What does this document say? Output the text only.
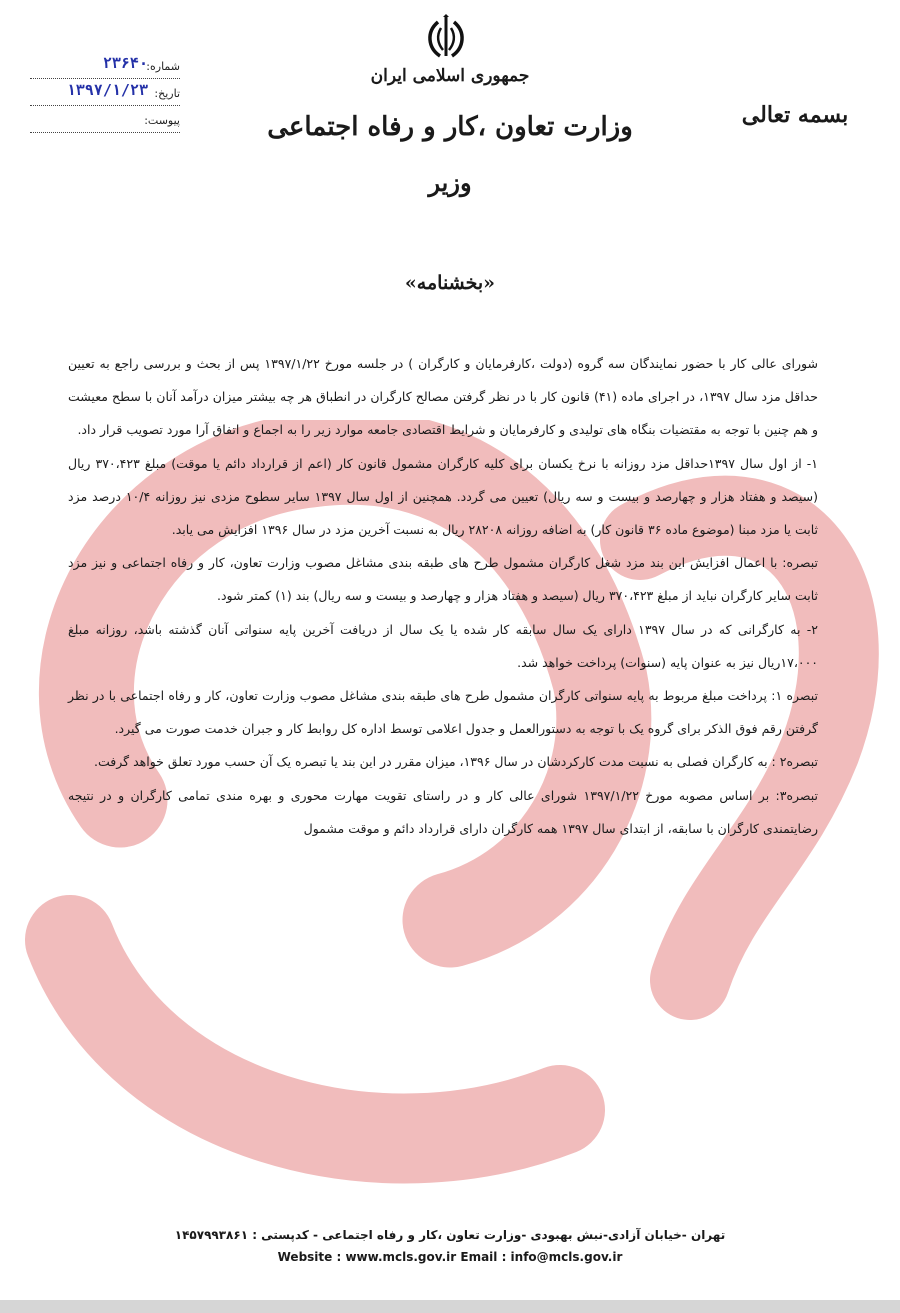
جمهوری اسلامی ایران
وزارت تعاون ،کار و رفاه اجتماعی
وزیر
بسمه تعالی
شماره:
۲۳۶۴۰
تاریخ:
۱۳۹۷/۱/۲۳
پیوست:
«بخشنامه»

شورای عالی کار با حضور نمایندگان سه گروه (دولت ،کارفرمایان و کارگران ) در جلسه مورخ ۱۳۹۷/۱/۲۲ پس از بحث و بررسی راجع به تعیین حداقل مزد سال ۱۳۹۷، در اجرای ماده (۴۱) قانون کار با در نظر گرفتن مصالح کارگران در انطباق هر چه بیشتر میزان درآمد آنان با سطح معیشت و هم چنین با توجه به مقتضیات بنگاه های تولیدی و کارفرمایان و شرایط اقتصادی جامعه موارد زیر را به اجماع و اتفاق آرا مورد تصویب قرار داد.

۱- از اول سال ۱۳۹۷حداقل مزد روزانه با نرخ یکسان برای کلیه کارگران مشمول قانون کار (اعم از قرارداد دائم یا موقت) مبلغ ۳۷۰،۴۲۳ ریال (سیصد و هفتاد هزار و چهارصد و بیست و سه ریال) تعیین می گردد. همچنین از اول سال ۱۳۹۷ سایر سطوح مزدی نیز روزانه ۱۰/۴ درصد مزد ثابت یا مزد مبنا (موضوع ماده ۳۶ قانون کار) به اضافه روزانه ۲۸۲۰۸ ریال به نسبت آخرین مزد در سال ۱۳۹۶ افزایش می یابد.

تبصره: با اعمال افزایش این بند مزد شغل کارگران مشمول طرح های طبقه بندی مشاغل مصوب وزارت تعاون، کار و رفاه اجتماعی و نیز مزد ثابت سایر کارگران نباید از مبلغ ۳۷۰،۴۲۳ ریال (سیصد و هفتاد هزار و چهارصد و بیست و سه ریال) بند (۱) کمتر شود.

۲- به کارگرانی که در سال ۱۳۹۷ دارای یک سال سابقه کار شده یا یک سال از دریافت آخرین پایه سنواتی آنان گذشته باشد، روزانه مبلغ ۱۷،۰۰۰ریال نیز به عنوان پایه (سنوات) پرداخت خواهد شد.

تبصره ۱: پرداخت مبلغ مربوط به پایه سنواتی کارگران مشمول طرح های طبقه بندی مشاغل مصوب وزارت تعاون، کار و رفاه اجتماعی با در نظر گرفتن رقم فوق الذکر برای گروه یک با توجه به دستورالعمل و جدول اعلامی توسط اداره کل روابط کار و جبران خدمت صورت می گیرد.

تبصره۲ : به کارگران فصلی به نسبت مدت کارکردشان در سال ۱۳۹۶، میزان مقرر در این بند یا تبصره یک آن حسب مورد تعلق خواهد گرفت.

تبصره۳: بر اساس مصوبه مورخ ۱۳۹۷/۱/۲۲ شورای عالی کار و در راستای تقویت مهارت محوری و بهره مندی تمامی کارگران و در نتیجه رضایتمندی کارگران با سابقه، از ابتدای سال ۱۳۹۷ همه کارگران دارای قرارداد دائم و موقت مشمول

تهران -خیابان آزادی-نبش بهبودی -وزارت تعاون ،کار و رفاه اجتماعی - کدپستی : ۱۴۵۷۹۹۳۸۶۱
Website : www.mcls.gov.ir Email : info@mcls.gov.ir
